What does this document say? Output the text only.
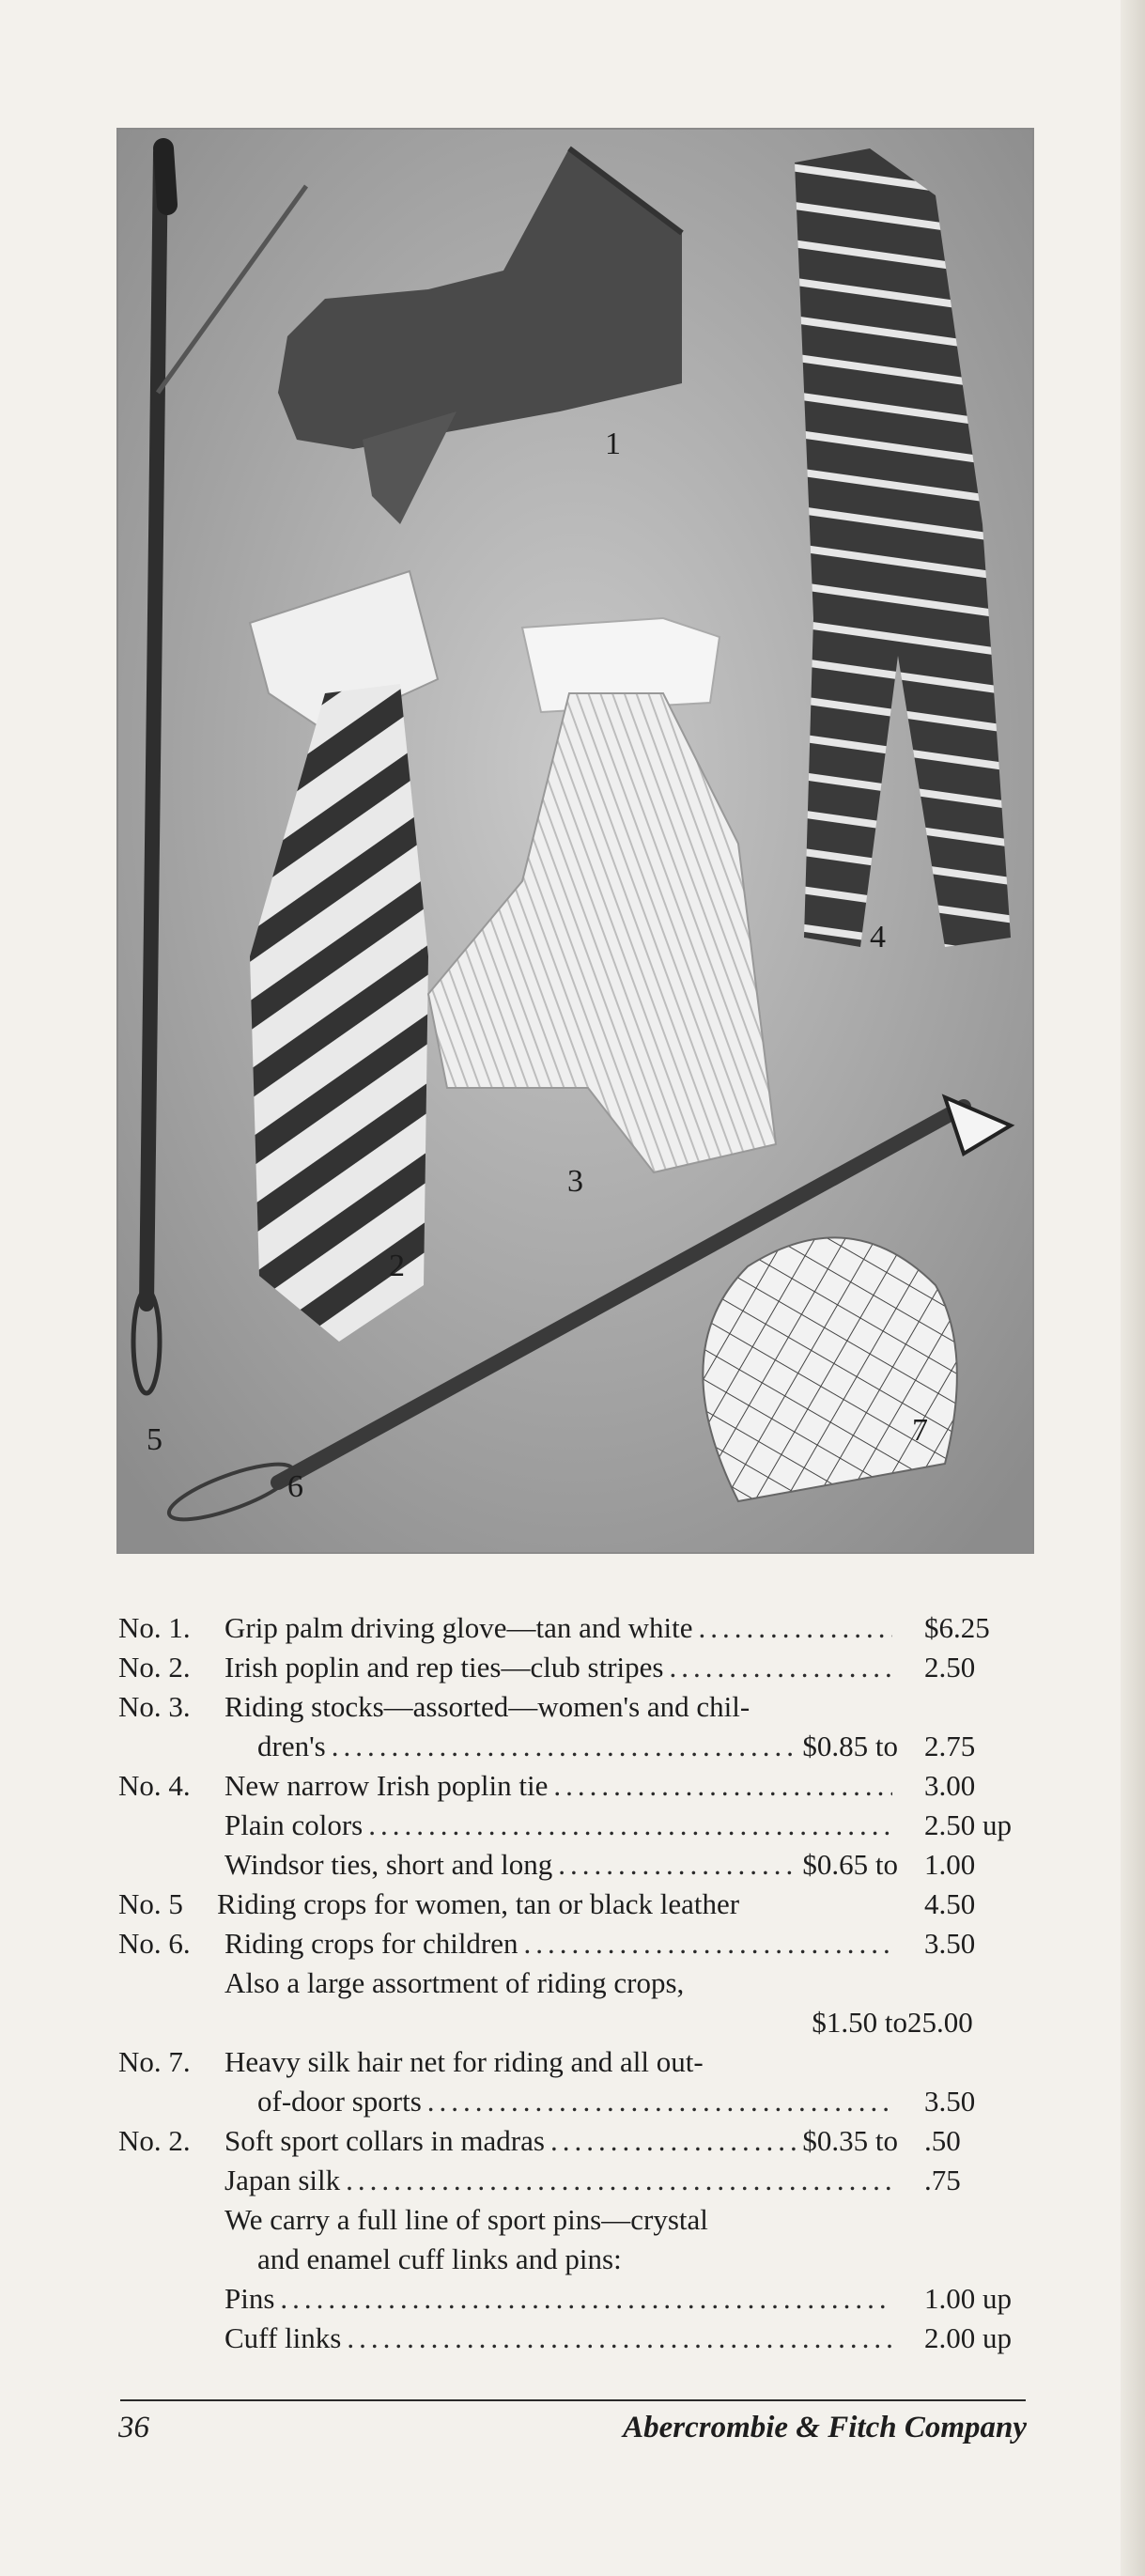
1
2
3
4
5
6
7
No. 1. Grip palm driving glove—tan and white .....	$6.25
No. 2. Irish poplin and rep ties—club stripes .....	2.50
No. 3. Riding stocks—assorted—women's and chil-
dren's .....	$0.85 to 2.75
No. 4. New narrow Irish poplin tie .....	3.00
Plain colors .....	2.50 up
Windsor ties, short and long .....	$0.65 to 1.00
No. 5 Riding crops for women, tan or black leather	4.50
No. 6. Riding crops for children .....	3.50
Also a large assortment of riding crops,
$1.50 to 25.00
No. 7. Heavy silk hair net for riding and all out-
of-door sports .....	3.50
No. 2. Soft sport collars in madras .....	$0.35 to .50
Japan silk .....	.75
We carry a full line of sport pins—crystal
and enamel cuff links and pins:
Pins .....	1.00 up
Cuff links .....	2.00 up
36	Abercrombie & Fitch Company
